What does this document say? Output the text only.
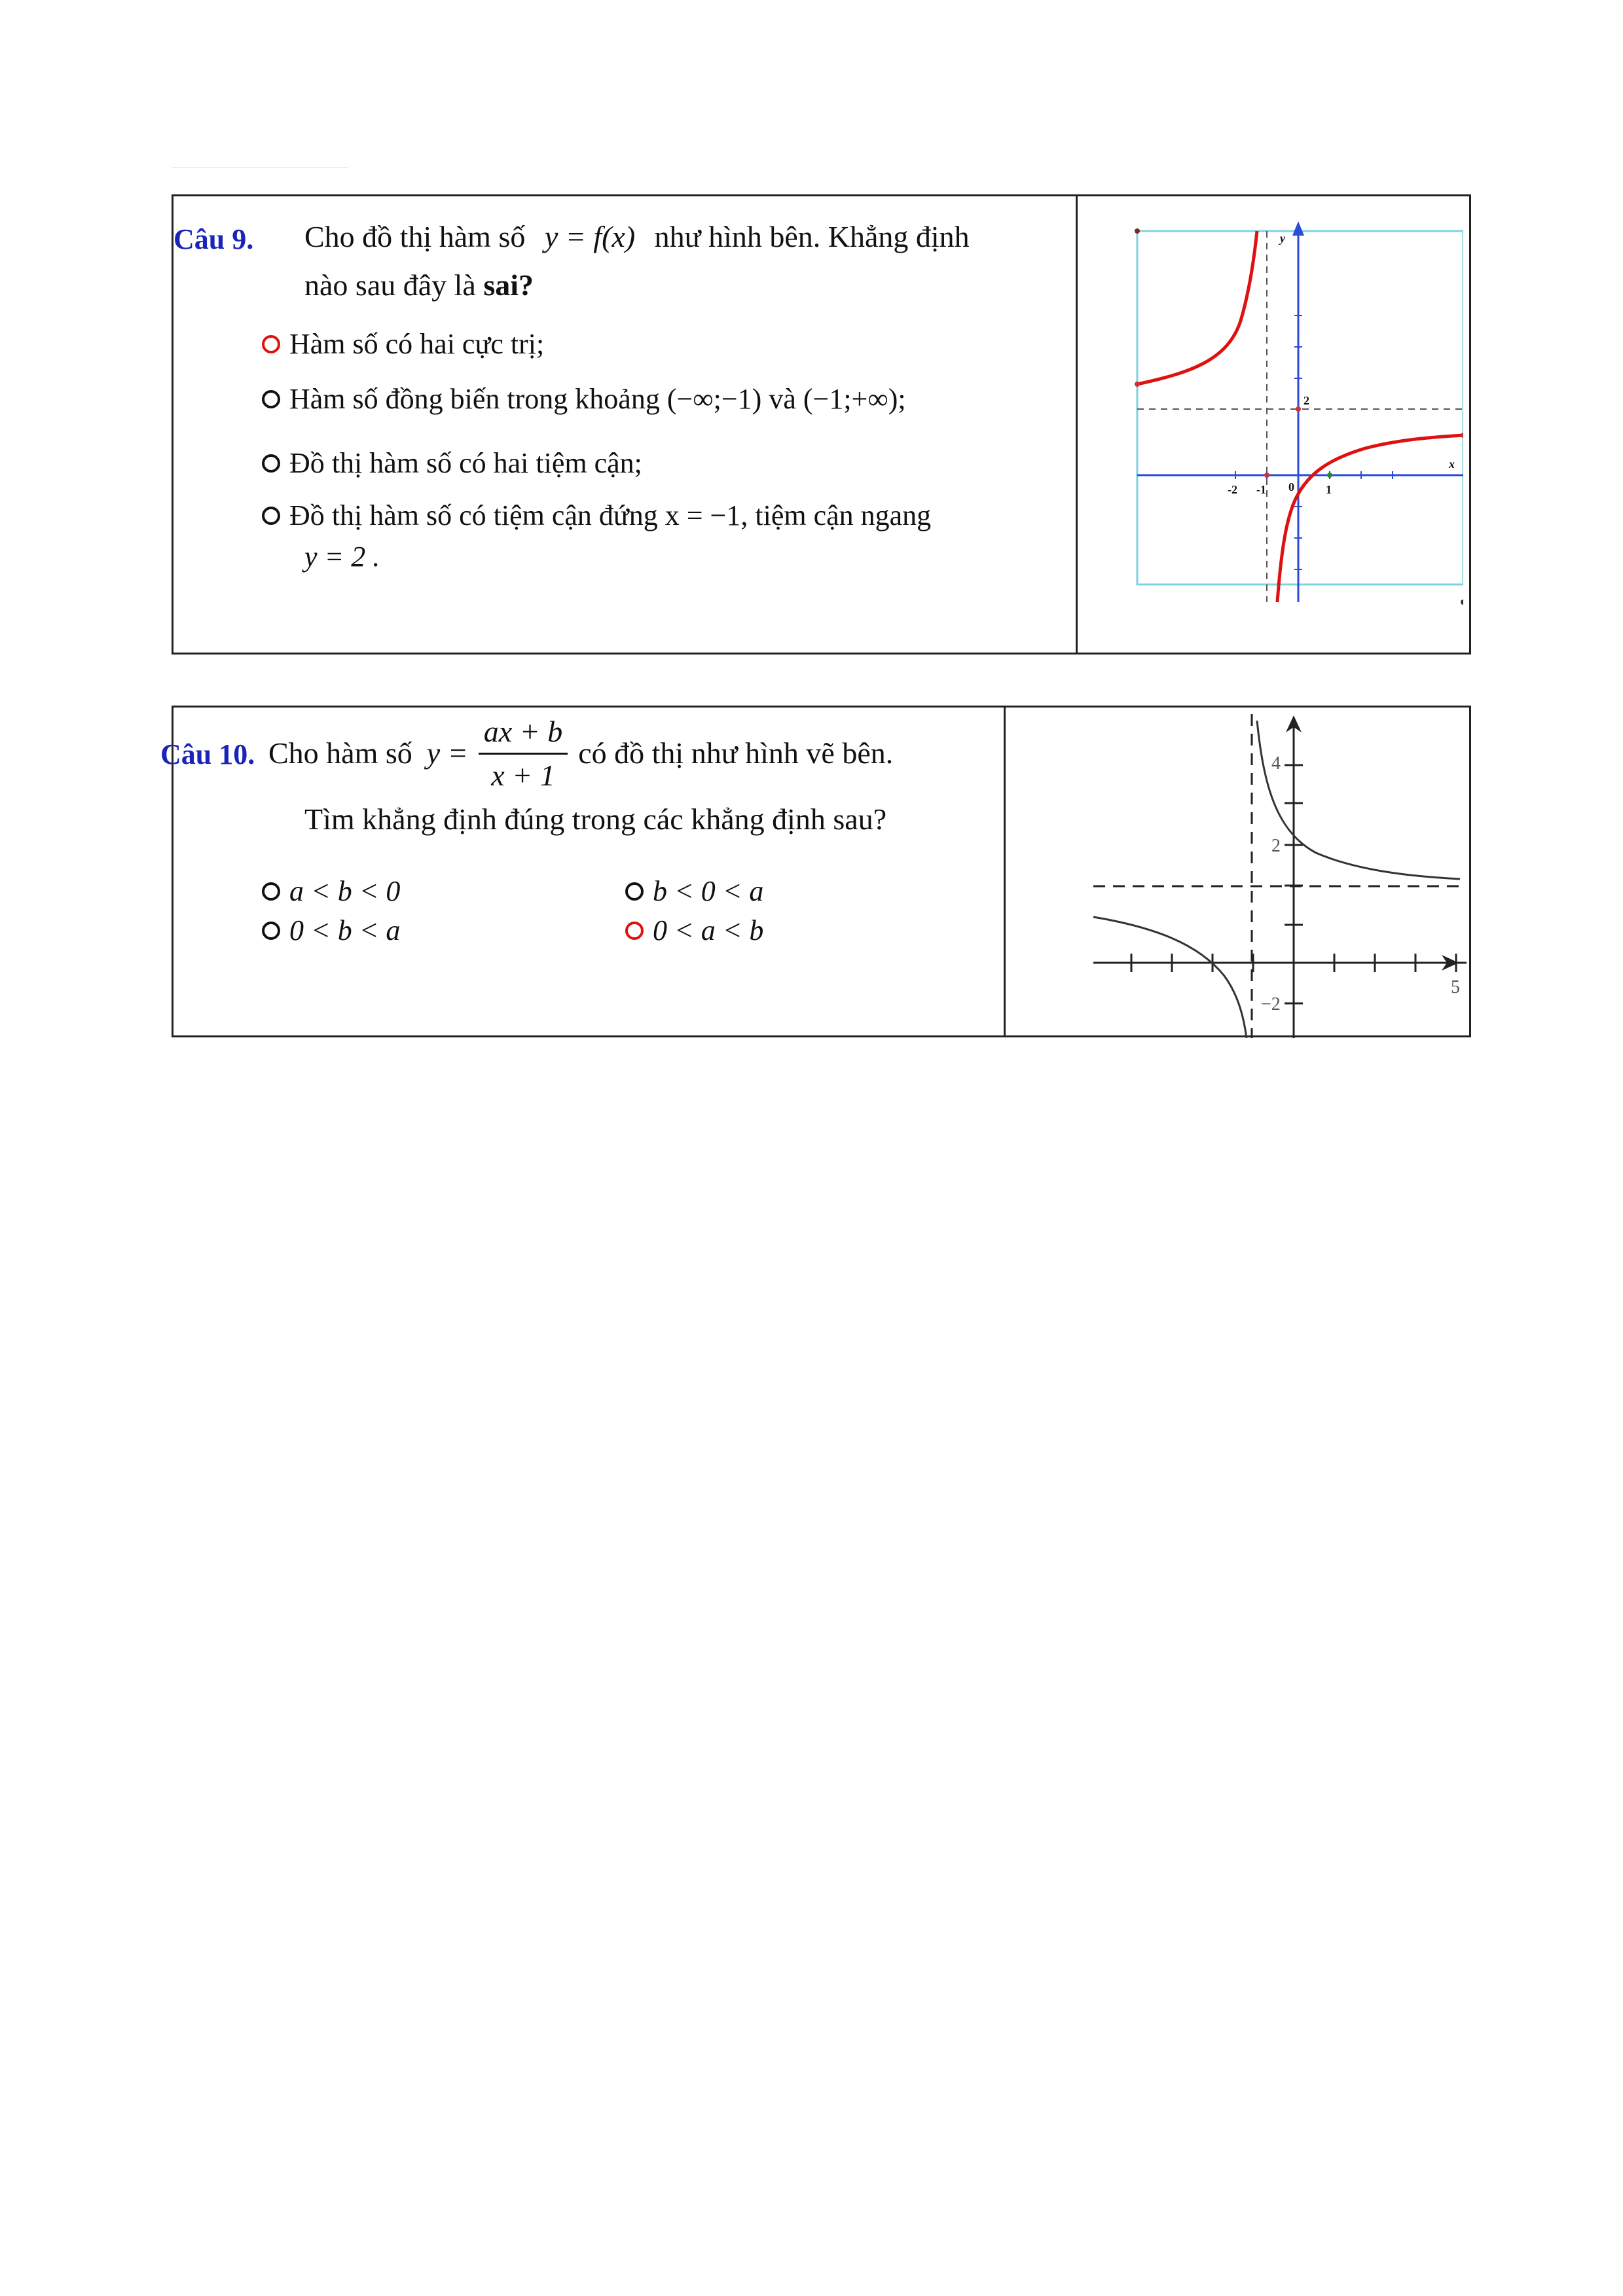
Câu 9. Cho đồ thị hàm số y = f(x) như hình bên. Khẳng định
nào sau đây là sai?
Hàm số có hai cực trị;
Hàm số đồng biến trong khoảng (−∞;−1) và (−1;+∞);
Đồ thị hàm số có hai tiệm cận;
Đồ thị hàm số có tiệm cận đứng x = −1, tiệm cận ngang
y = 2 .
y
x
2
-2 -1 0	1
Câu 10. Cho hàm số $y = \frac{ax + b}{x + 1}$ có đồ thị như hình vẽ bên.
Tìm khẳng định đúng trong các khẳng định sau?
a < b < 0	b < 0 < a
0 < b < a	0 < a < b
4
2
−2
5
